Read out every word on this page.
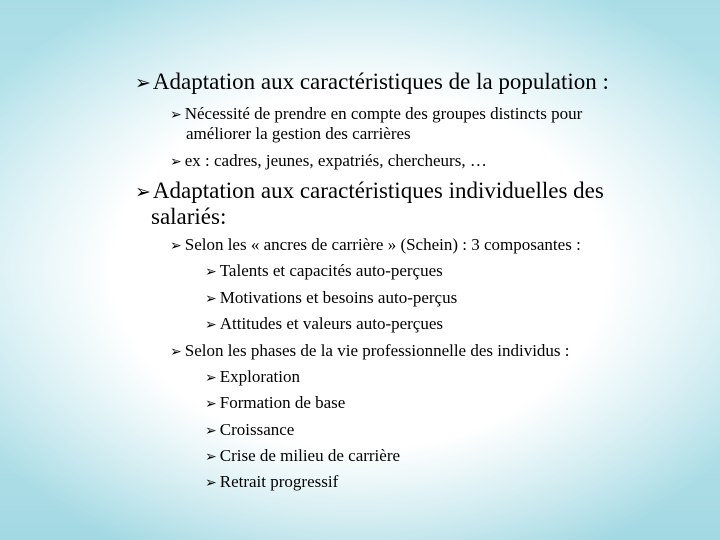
➢Adaptation aux caractéristiques de la population :
➢ Nécessité de prendre en compte des groupes distincts pour
améliorer la gestion des carrières
➢ ex : cadres, jeunes, expatriés, chercheurs, …
➢Adaptation aux caractéristiques individuelles des
salariés:
➢ Selon les « ancres de carrière » (Schein) : 3 composantes :
➢ Talents et capacités auto-perçues
➢ Motivations et besoins auto-perçus
➢ Attitudes et valeurs auto-perçues
➢ Selon les phases de la vie professionnelle des individus :
➢ Exploration
➢ Formation de base
➢ Croissance
➢ Crise de milieu de carrière
➢ Retrait progressif
